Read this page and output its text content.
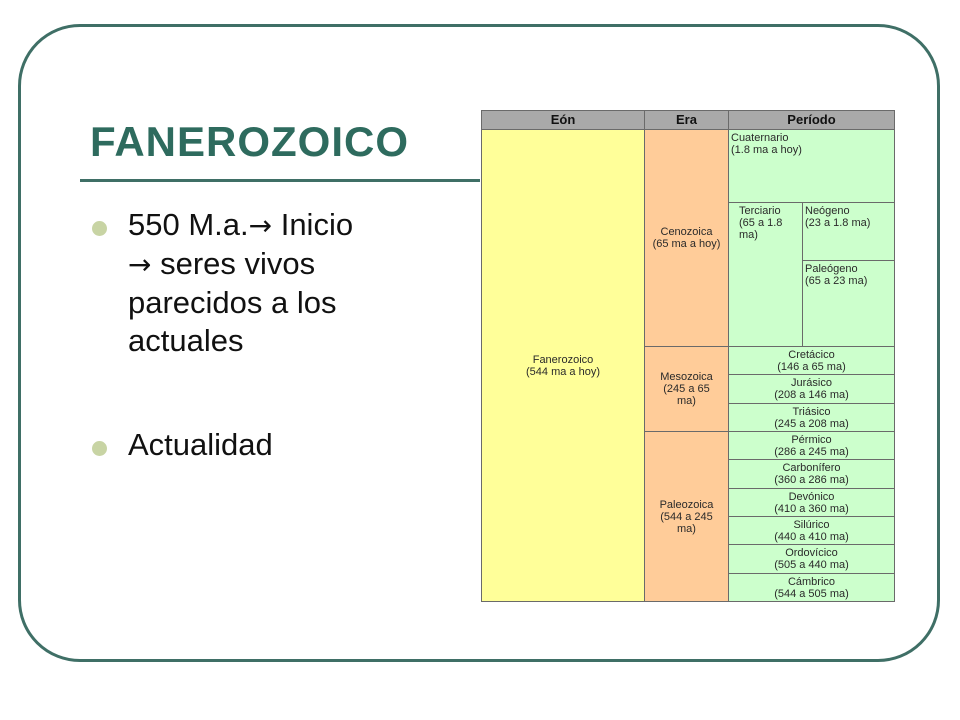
FANEROZOICO
550 M.a.→ Inicio
→ seres vivos
parecidos a los
actuales
Actualidad
Eón	Era	Período
Fanerozoico
(544 ma a hoy)
Cenozoica
(65 ma a hoy)
Mesozoica
(245 a 65
ma)
Paleozoica
(544 a 245
ma)
Cuaternario
(1.8 ma a hoy)
Terciario
(65 a 1.8
ma)
Neógeno
(23 a 1.8 ma)
Paleógeno
(65 a 23 ma)
Cretácico
(146 a 65 ma)
Jurásico
(208 a 146 ma)
Triásico
(245 a 208 ma)
Pérmico
(286 a 245 ma)
Carbonífero
(360 a 286 ma)
Devónico
(410 a 360 ma)
Silúrico
(440 a 410 ma)
Ordovícico
(505 a 440 ma)
Cámbrico
(544 a 505 ma)
